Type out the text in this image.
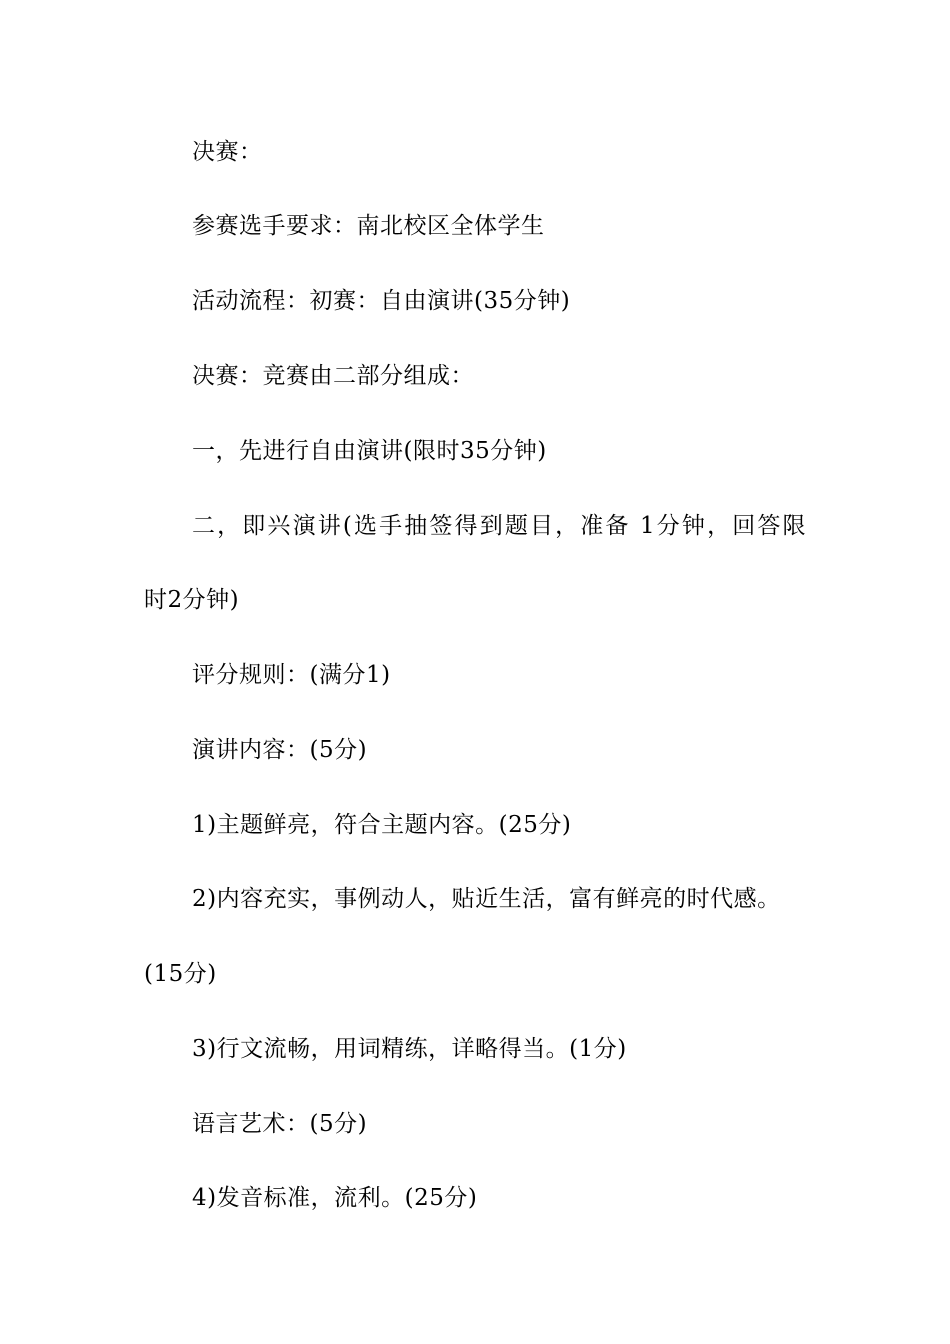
决赛：
参赛选手要求：南北校区全体学生
活动流程：初赛：自由演讲(35分钟)
决赛：竞赛由二部分组成：
一，先进行自由演讲(限时35分钟)
二，即兴演讲(选手抽签得到题目，准备 1分钟，回答限
时2分钟)
评分规则：(满分1)
演讲内容：(5分)
1)主题鲜亮，符合主题内容。(25分)
2)内容充实，事例动人，贴近生活，富有鲜亮的时代感。
(15分)
3)行文流畅，用词精练，详略得当。(1分)
语言艺术：(5分)
4)发音标准，流利。(25分)
